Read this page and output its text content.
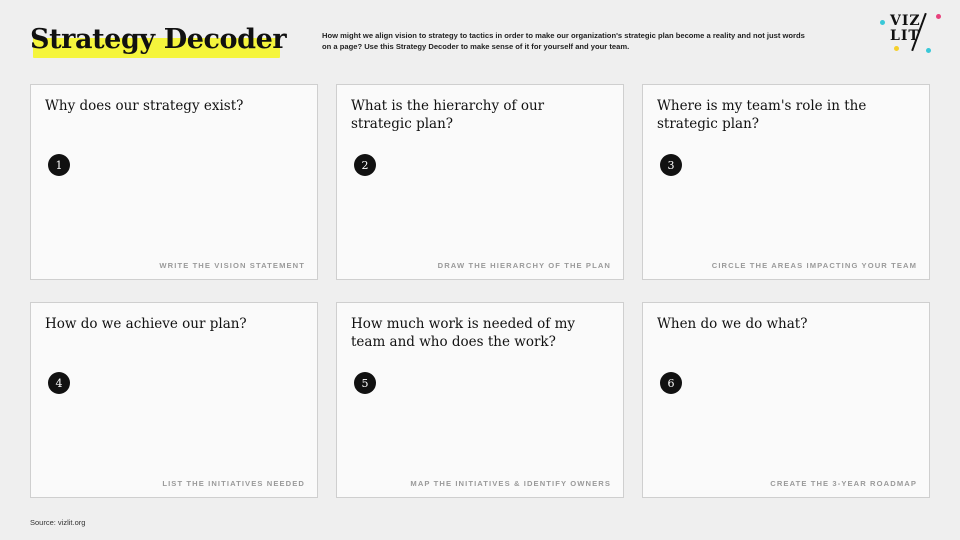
Strategy Decoder	How might we align vision to strategy to tactics in order to make our organization's strategic plan become a reality and not just words on a page? Use this Strategy Decoder to make sense of it for yourself and your team.
VIZ
LIT
Why does our strategy exist?
WRITE THE VISION STATEMENT
What is the hierarchy of our strategic plan?
DRAW THE HIERARCHY OF THE PLAN
Where is my team's role in the strategic plan?
CIRCLE THE AREAS IMPACTING YOUR TEAM
How do we achieve our plan?
LIST THE INITIATIVES NEEDED
How much work is needed of my team and who does the work?
MAP THE INITIATIVES & IDENTIFY OWNERS
When do we do what?
CREATE THE 3-YEAR ROADMAP
1	2	3
4	5	6
Source: vizlit.org
